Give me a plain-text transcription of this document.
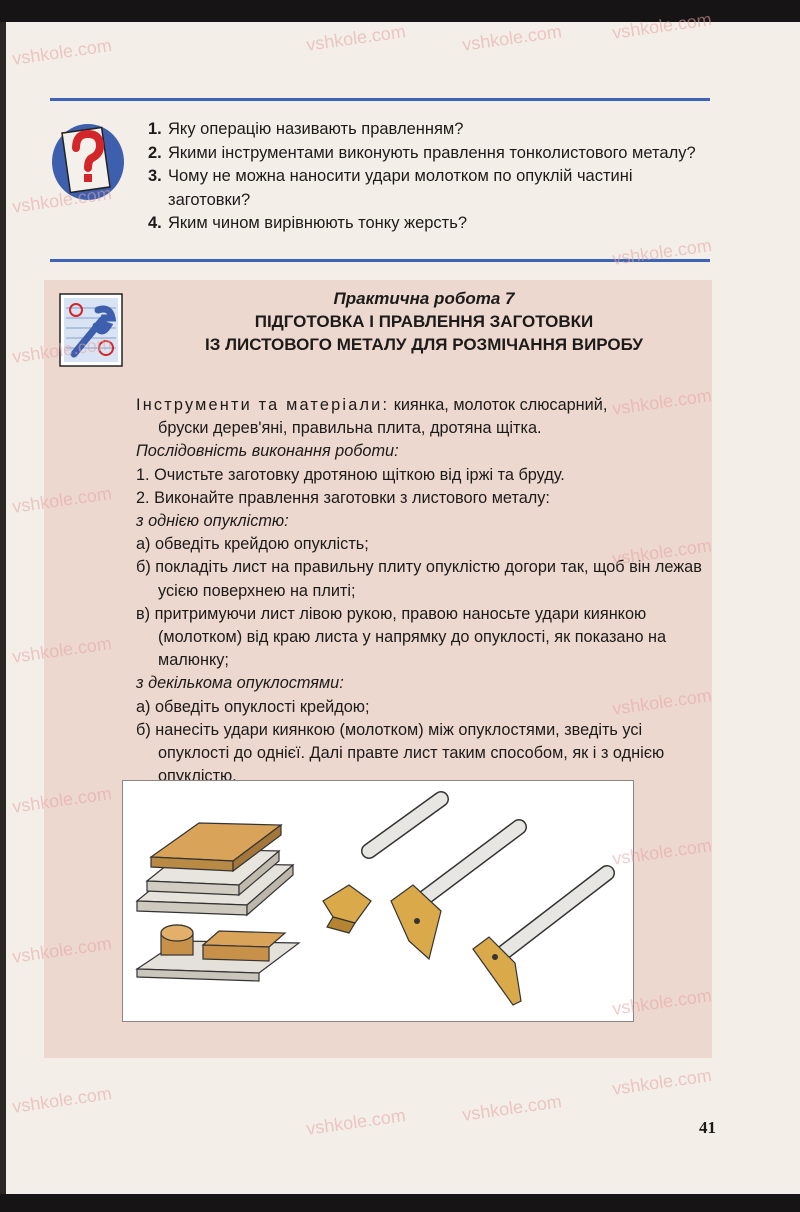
1. Яку операцію називають правленням?
2. Якими інструментами виконують правлення тонколистового металу?
3. Чому не можна наносити удари молотком по опуклій частині заготовки?
4. Яким чином вирівнюють тонку жерсть?
Практична робота 7
ПІДГОТОВКА І ПРАВЛЕННЯ ЗАГОТОВКИ
ІЗ ЛИСТОВОГО МЕТАЛУ ДЛЯ РОЗМІЧАННЯ ВИРОБУ
Інструменти та матеріали: киянка, молоток слюсарний,
бруски дерев'яні, правильна плита, дротяна щітка.
Послідовність виконання роботи:
1. Очистьте заготовку дротяною щіткою від іржі та бруду.
2. Виконайте правлення заготовки з листового металу:
з однією опуклістю:
а) обведіть крейдою опуклість;
б) покладіть лист на правильну плиту опуклістю догори так, щоб він лежав усією поверхнею на плиті;
в) притримуючи лист лівою рукою, правою наносьте удари киянкою (молотком) від краю листа у напрямку до опуклості, як показано на малюнку;
з декількома опуклостями:
а) обведіть опуклості крейдою;
б) нанесіть удари киянкою (молотком) між опуклостями, зведіть усі опуклості до однієї. Далі правте лист таким способом, як і з однією опуклістю.
41
vshkole.com	vshkole.com	vshkole.com	vshkole.com
vshkole.com
vshkole.com
vshkole.com
vshkole.com
vshkole.com
vshkole.com
vshkole.com
vshkole.com	vshkole.com
vshkole.com
vshkole.com
vshkole.com
vshkole.com
vshkole.com
vshkole.com
vshkole.com
